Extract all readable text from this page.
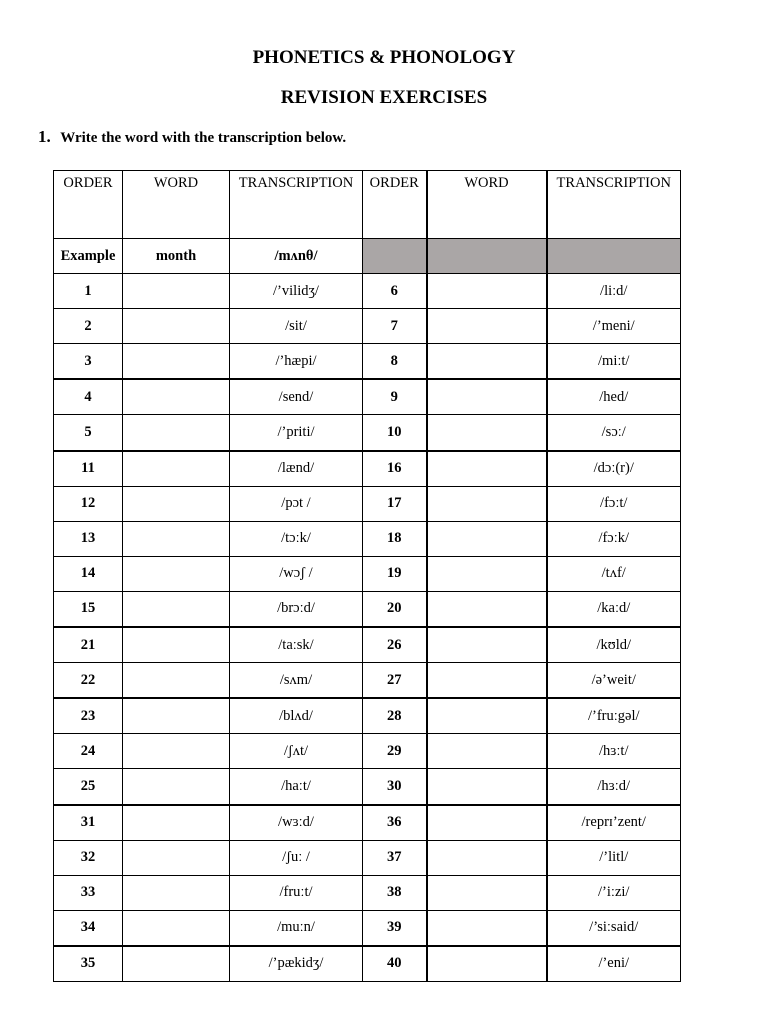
PHONETICS & PHONOLOGY
REVISION EXERCISES
1. Write the word with the transcription below.
ORDER	WORD	TRANSCRIPTION	ORDER	WORD	TRANSCRIPTION
Example	month	/mʌnθ/			
1		/’vilidʒ/	6		/liːd/
2		/sit/	7		/’meni/
3		/’hæpi/	8		/miːt/
4		/send/	9		/hed/
5		/’priti/	10		/sɔː/
11		/lænd/	16		/dɔː(r)/
12		/pɔt /	17		/fɔːt/
13		/tɔːk/	18		/fɔːk/
14		/wɔʃ /	19		/tʌf/
15		/brɔːd/	20		/kaːd/
21		/taːsk/	26		/kʊld/
22		/sʌm/	27		/ə’weit/
23		/blʌd/	28		/’fruːgəl/
24		/ʃʌt/	29		/hɜːt/
25		/haːt/	30		/hɜːd/
31		/wɜːd/	36		/reprɪ’zent/
32		/ʃuː /	37		/’litl/
33		/fruːt/	38		/’iːzi/
34		/muːn/	39		/’siːsaid/
35		/’pækidʒ/	40		/’eni/
